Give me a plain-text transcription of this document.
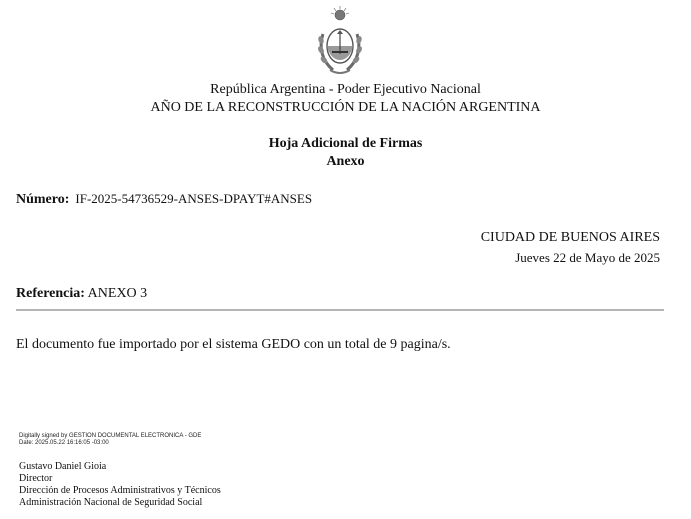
República Argentina - Poder Ejecutivo Nacional
AÑO DE LA RECONSTRUCCIÓN DE LA NACIÓN ARGENTINA
Hoja Adicional de Firmas
Anexo
Número: IF-2025-54736529-ANSES-DPAYT#ANSES
CIUDAD DE BUENOS AIRES
Jueves 22 de Mayo de 2025
Referencia: ANEXO 3
El documento fue importado por el sistema GEDO con un total de 9 pagina/s.
Digitally signed by GESTION DOCUMENTAL ELECTRONICA - GDE
Date: 2025.05.22 16:16:05 -03:00
Gustavo Daniel Gioia
Director
Dirección de Procesos Administrativos y Técnicos
Administración Nacional de Seguridad Social
